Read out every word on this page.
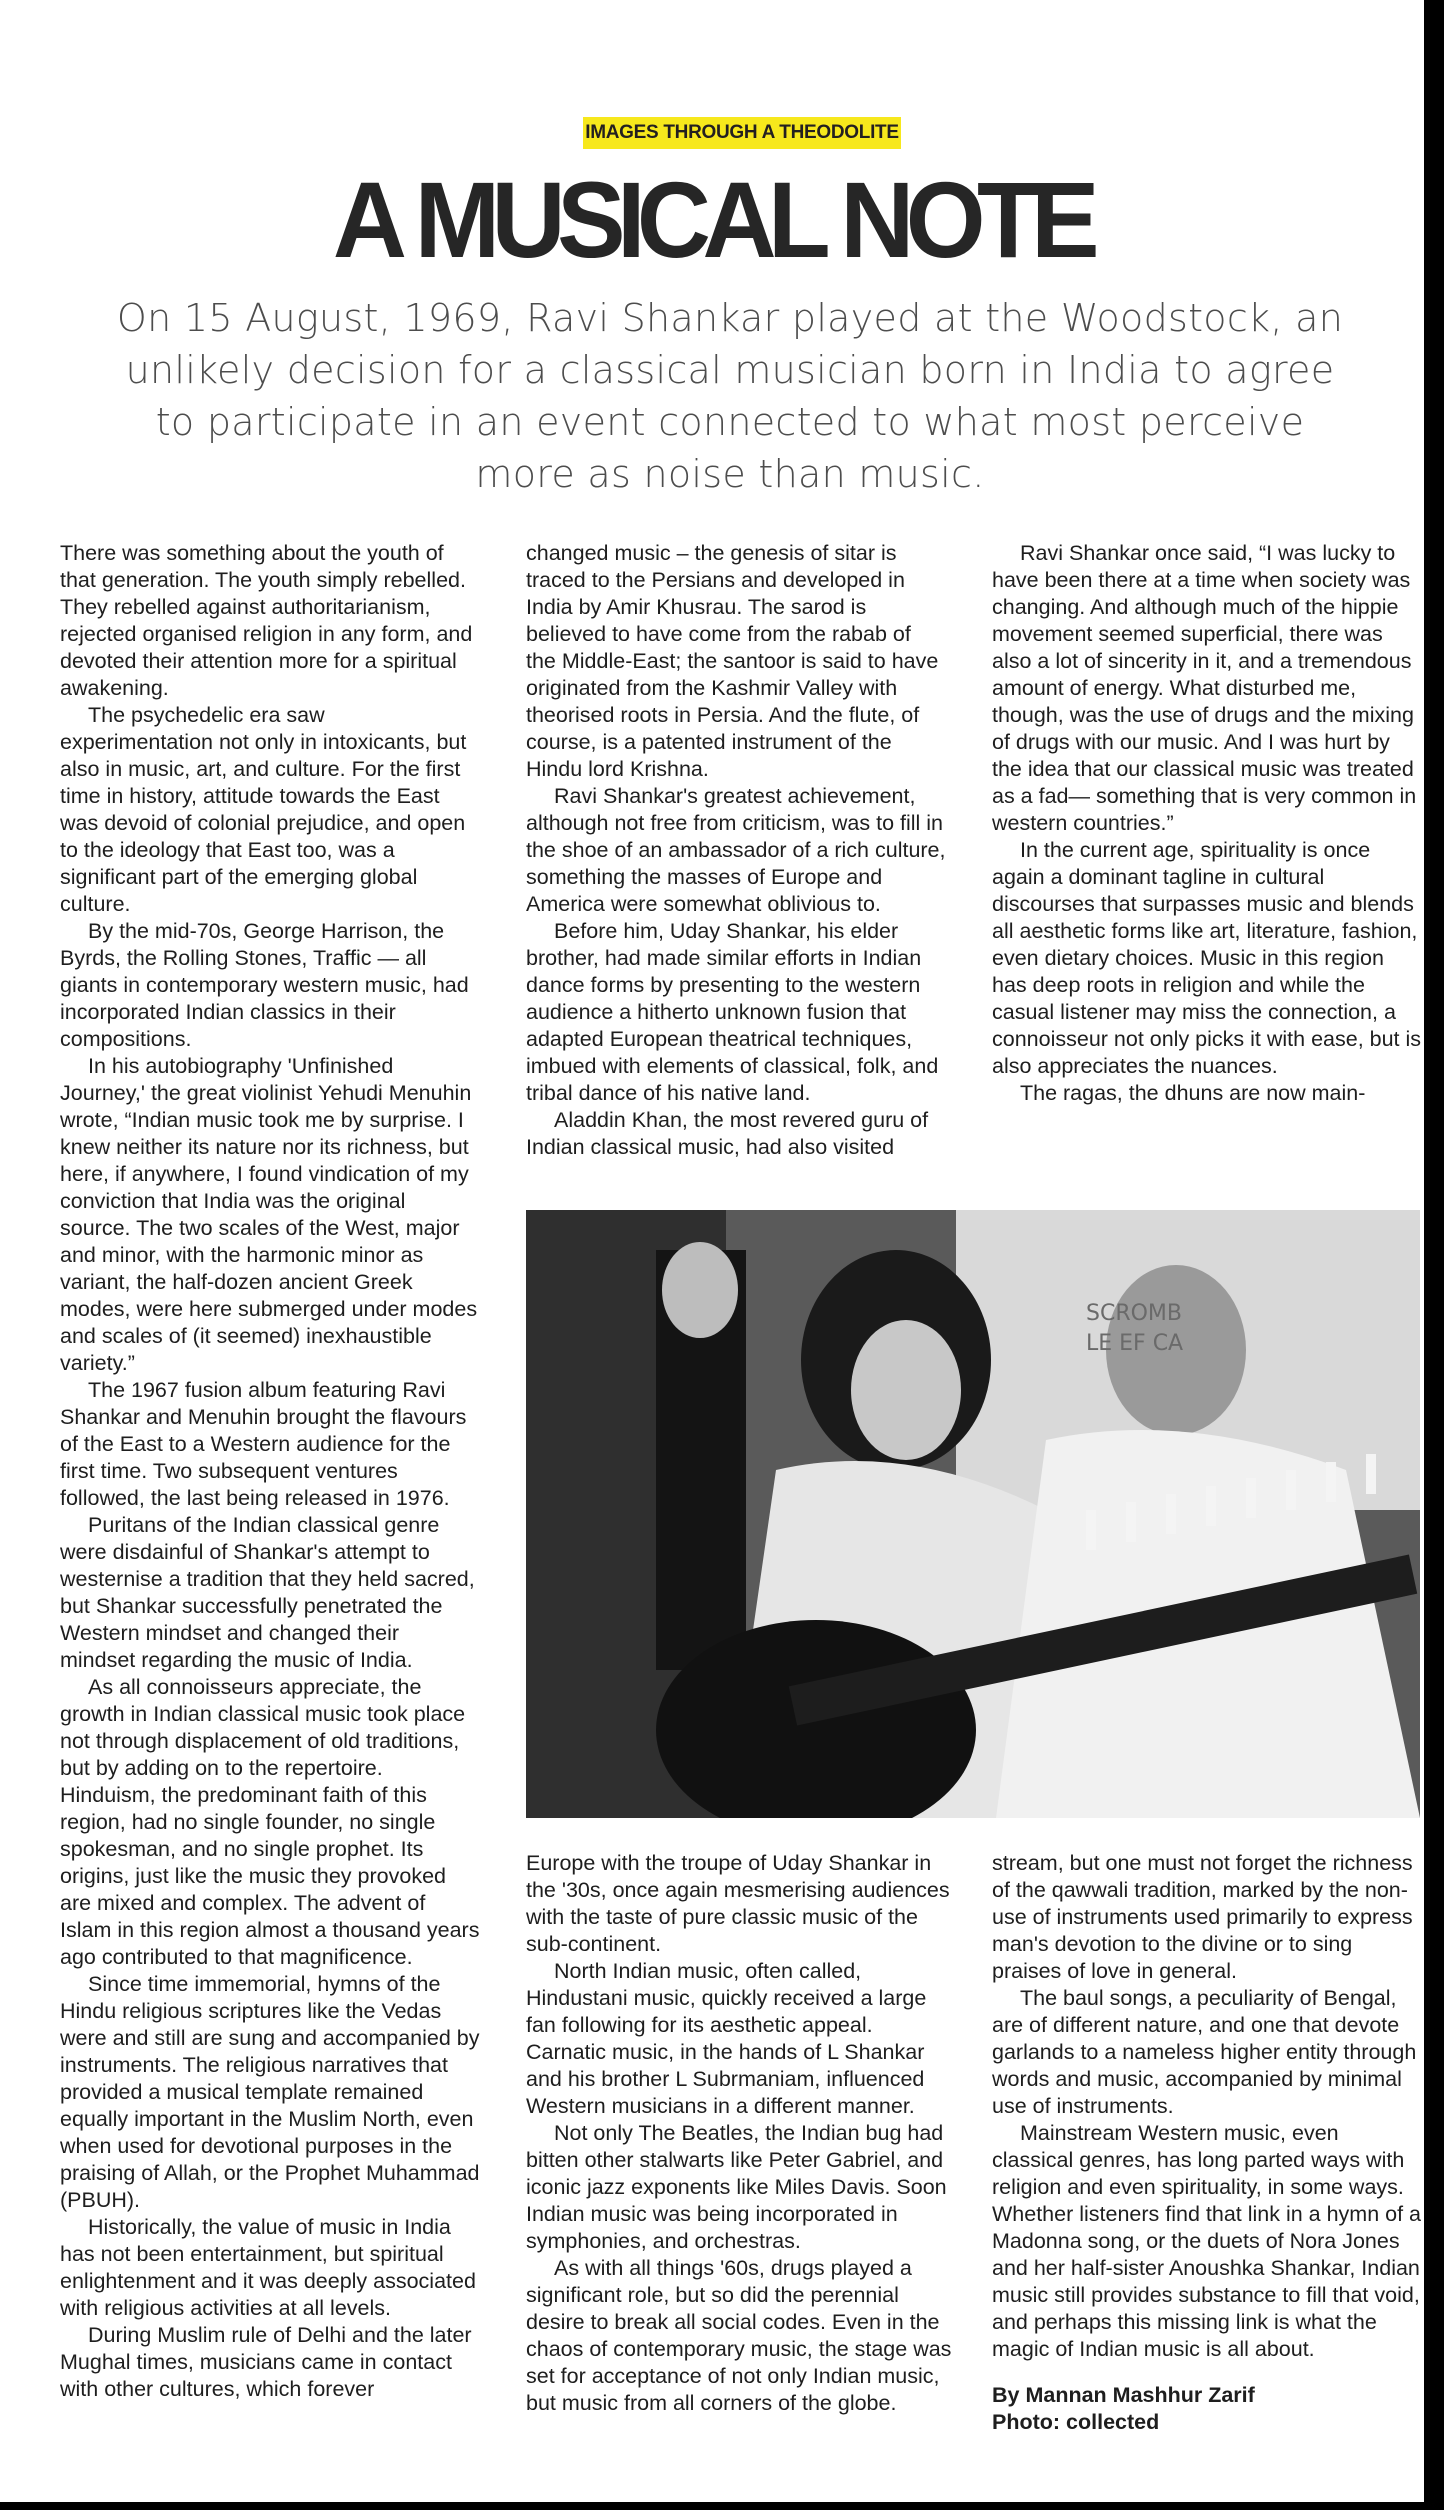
IMAGES THROUGH A THEODOLITE
A MUSICAL NOTE
On 15 August, 1969, Ravi Shankar played at the Woodstock, an unlikely decision for a classical musician born in India to agree to participate in an event connected to what most perceive more as noise than music.

There was something about the youth of that generation. The youth simply rebelled. They rebelled against authoritarianism, rejected organised religion in any form, and devoted their attention more for a spiritual awakening.

The psychedelic era saw experimentation not only in intoxicants, but also in music, art, and culture. For the first time in history, attitude towards the East was devoid of colonial prejudice, and open to the ideology that East too, was a significant part of the emerging global culture.

By the mid-70s, George Harrison, the Byrds, the Rolling Stones, Traffic — all giants in contemporary western music, had incorporated Indian classics in their compositions.

In his autobiography 'Unfinished Journey,' the great violinist Yehudi Menuhin wrote, “Indian music took me by surprise. I knew neither its nature nor its richness, but here, if anywhere, I found vindication of my conviction that India was the original source. The two scales of the West, major and minor, with the harmonic minor as variant, the half-dozen ancient Greek modes, were here submerged under modes and scales of (it seemed) inexhaustible variety.”

The 1967 fusion album featuring Ravi Shankar and Menuhin brought the flavours of the East to a Western audience for the first time. Two subsequent ventures followed, the last being released in 1976.

Puritans of the Indian classical genre were disdainful of Shankar's attempt to westernise a tradition that they held sacred, but Shankar successfully penetrated the Western mindset and changed their mindset regarding the music of India.

As all connoisseurs appreciate, the growth in Indian classical music took place not through displacement of old traditions, but by adding on to the repertoire. Hinduism, the predominant faith of this region, had no single founder, no single spokesman, and no single prophet. Its origins, just like the music they provoked are mixed and complex. The advent of Islam in this region almost a thousand years ago contributed to that magnificence.

Since time immemorial, hymns of the Hindu religious scriptures like the Vedas were and still are sung and accompanied by instruments. The religious narratives that provided a musical template remained equally important in the Muslim North, even when used for devotional purposes in the praising of Allah, or the Prophet Muhammad (PBUH).

Historically, the value of music in India has not been entertainment, but spiritual enlightenment and it was deeply associated with religious activities at all levels.

During Muslim rule of Delhi and the later Mughal times, musicians came in contact with other cultures, which forever

changed music – the genesis of sitar is traced to the Persians and developed in India by Amir Khusrau. The sarod is believed to have come from the rabab of the Middle-East; the santoor is said to have originated from the Kashmir Valley with theorised roots in Persia. And the flute, of course, is a patented instrument of the Hindu lord Krishna.

Ravi Shankar's greatest achievement, although not free from criticism, was to fill in the shoe of an ambassador of a rich culture, something the masses of Europe and America were somewhat oblivious to.

Before him, Uday Shankar, his elder brother, had made similar efforts in Indian dance forms by presenting to the western audience a hitherto unknown fusion that adapted European theatrical techniques, imbued with elements of classical, folk, and tribal dance of his native land.

Aladdin Khan, the most revered guru of Indian classical music, had also visited

Ravi Shankar once said, “I was lucky to have been there at a time when society was changing. And although much of the hippie movement seemed superficial, there was also a lot of sincerity in it, and a tremendous amount of energy. What disturbed me, though, was the use of drugs and the mixing of drugs with our music. And I was hurt by the idea that our classical music was treated as a fad— something that is very common in western countries.”

In the current age, spirituality is once again a dominant tagline in cultural discourses that surpasses music and blends all aesthetic forms like art, literature, fashion, even dietary choices. Music in this region has deep roots in religion and while the casual listener may miss the connection, a connoisseur not only picks it with ease, but is also appreciates the nuances.

The ragas, the dhuns are now main-

SCROMB
LE EF CA

Europe with the troupe of Uday Shankar in the '30s, once again mesmerising audiences with the taste of pure classic music of the sub-continent.

North Indian music, often called, Hindustani music, quickly received a large fan following for its aesthetic appeal. Carnatic music, in the hands of L Shankar and his brother L Subrmaniam, influenced Western musicians in a different manner.

Not only The Beatles, the Indian bug had bitten other stalwarts like Peter Gabriel, and iconic jazz exponents like Miles Davis. Soon Indian music was being incorporated in symphonies, and orchestras.

As with all things '60s, drugs played a significant role, but so did the perennial desire to break all social codes. Even in the chaos of contemporary music, the stage was set for acceptance of not only Indian music, but music from all corners of the globe.

stream, but one must not forget the richness of the qawwali tradition, marked by the non-use of instruments used primarily to express man's devotion to the divine or to sing praises of love in general.

The baul songs, a peculiarity of Bengal, are of different nature, and one that devote garlands to a nameless higher entity through words and music, accompanied by minimal use of instruments.

Mainstream Western music, even classical genres, has long parted ways with religion and even spirituality, in some ways. Whether listeners find that link in a hymn of a Madonna song, or the duets of Nora Jones and her half-sister Anoushka Shankar, Indian music still provides substance to fill that void, and perhaps this missing link is what the magic of Indian music is all about.

By Mannan Mashhur Zarif
Photo: collected
